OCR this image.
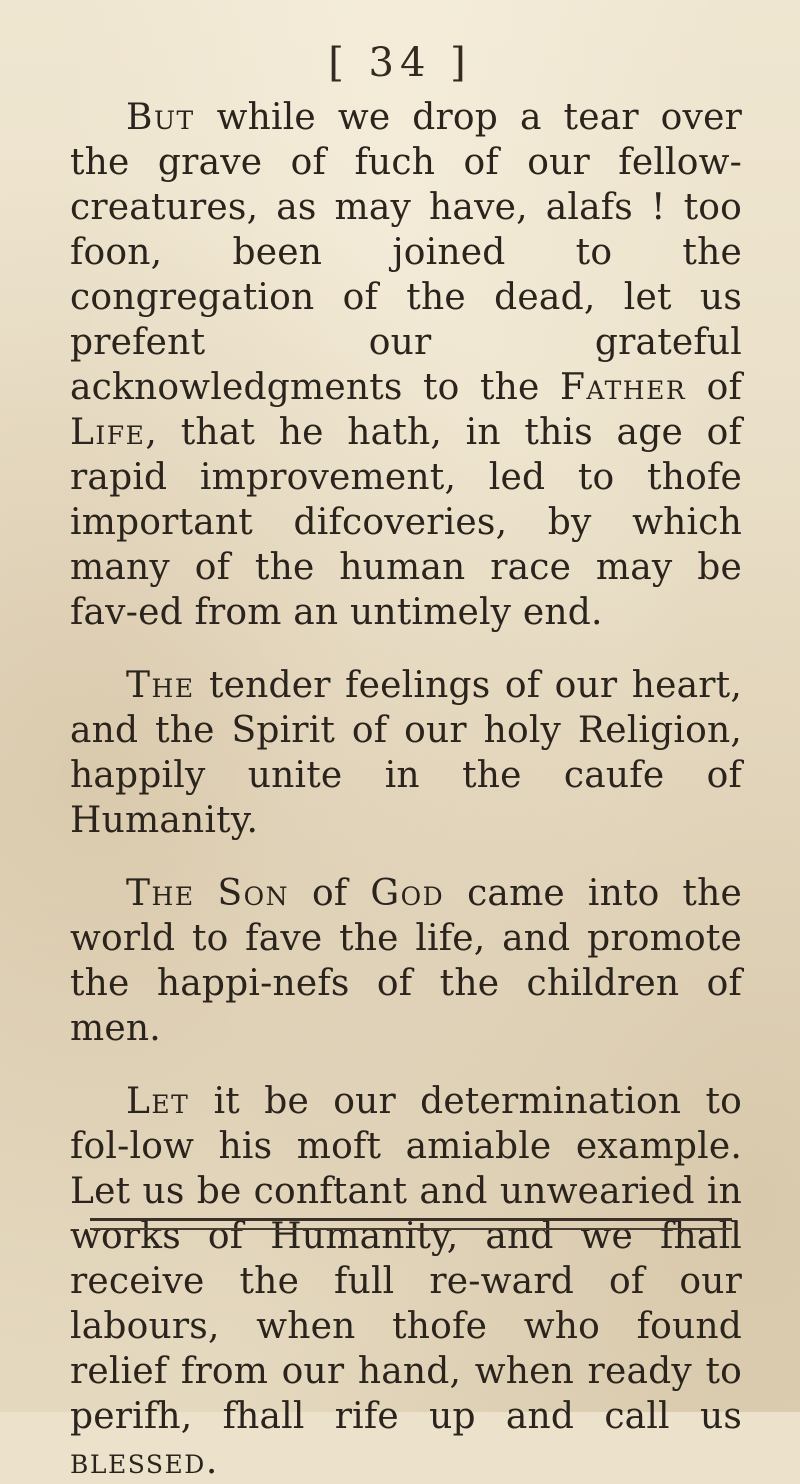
[ 34 ]

But while we drop a tear over the grave of fuch of our fellow-creatures, as may have, alafs ! too foon, been joined to the congregation of the dead, let us prefent our grateful acknowledgments to the Father of Life, that he hath, in this age of rapid improvement, led to thofe important difcoveries, by which many of the human race may be fav-ed from an untimely end.

The tender feelings of our heart, and the Spirit of our holy Religion, happily unite in the caufe of Humanity.

The Son of God came into the world to fave the life, and promote the happi-nefs of the children of men.

Let it be our determination to fol-low his moft amiable example. Let us be conftant and unwearied in works of Humanity, and we fhall receive the full re-ward of our labours, when thofe who found relief from our hand, when ready to perifh, fhall rife up and call us blessed.
